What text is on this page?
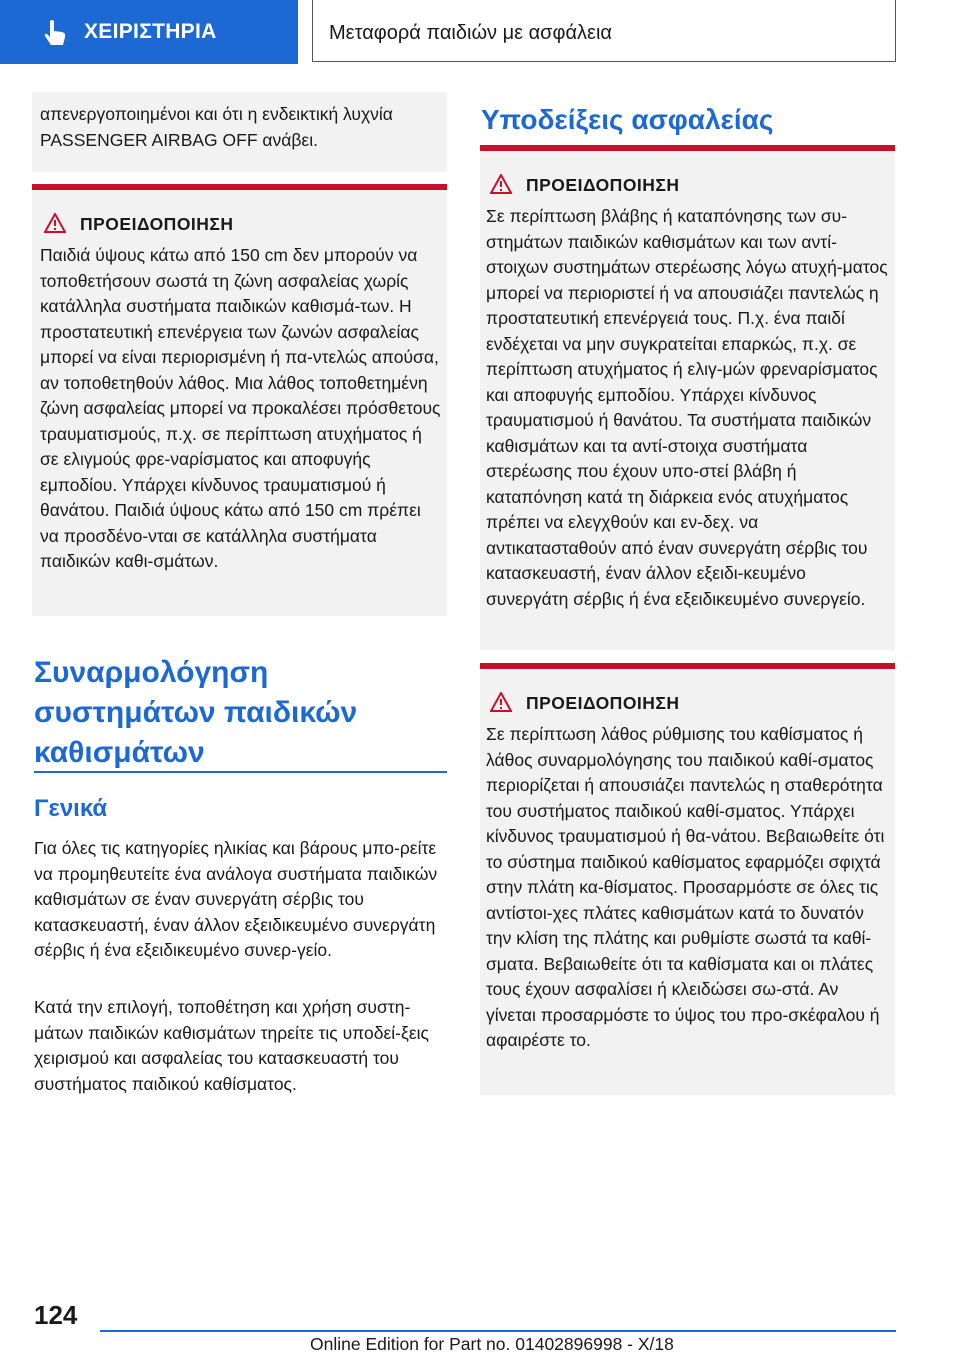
ΧΕΙΡΙΣΤΗΡΙΑ	Μεταφορά παιδιών με ασφάλεια
απενεργοποιημένοι και ότι η ενδεικτική λυχνία PASSENGER AIRBAG OFF ανάβει.
ΠΡΟΕΙΔΟΠΟΙΗΣΗ
Παιδιά ύψους κάτω από 150 cm δεν μπορούν να τοποθετήσουν σωστά τη ζώνη ασφαλείας χωρίς κατάλληλα συστήματα παιδικών καθισμά-των. Η προστατευτική επενέργεια των ζωνών ασφαλείας μπορεί να είναι περιορισμένη ή πα-ντελώς απούσα, αν τοποθετηθούν λάθος. Μια λάθος τοποθετημένη ζώνη ασφαλείας μπορεί να προκαλέσει πρόσθετους τραυματισμούς, π.χ. σε περίπτωση ατυχήματος ή σε ελιγμούς φρε-ναρίσματος και αποφυγής εμποδίου. Υπάρχει κίνδυνος τραυματισμού ή θανάτου. Παιδιά ύψους κάτω από 150 cm πρέπει να προσδένο-νται σε κατάλληλα συστήματα παιδικών καθι-σμάτων.
Συναρμολόγηση συστημάτων παιδικών καθισμάτων
Γενικά
Για όλες τις κατηγορίες ηλικίας και βάρους μπο-ρείτε να προμηθευτείτε ένα ανάλογα συστήματα παιδικών καθισμάτων σε έναν συνεργάτη σέρβις του κατασκευαστή, έναν άλλον εξειδικευμένο συνεργάτη σέρβις ή ένα εξειδικευμένο συνερ-γείο.
Κατά την επιλογή, τοποθέτηση και χρήση συστη-μάτων παιδικών καθισμάτων τηρείτε τις υποδεί-ξεις χειρισμού και ασφαλείας του κατασκευαστή του συστήματος παιδικού καθίσματος.
Υποδείξεις ασφαλείας
ΠΡΟΕΙΔΟΠΟΙΗΣΗ
Σε περίπτωση βλάβης ή καταπόνησης των συ-στημάτων παιδικών καθισμάτων και των αντί-στοιχων συστημάτων στερέωσης λόγω ατυχή-ματος μπορεί να περιοριστεί ή να απουσιάζει παντελώς η προστατευτική επενέργειά τους. Π.χ. ένα παιδί ενδέχεται να μην συγκρατείται επαρκώς, π.χ. σε περίπτωση ατυχήματος ή ελιγ-μών φρεναρίσματος και αποφυγής εμποδίου. Υπάρχει κίνδυνος τραυματισμού ή θανάτου. Τα συστήματα παιδικών καθισμάτων και τα αντί-στοιχα συστήματα στερέωσης που έχουν υπο-στεί βλάβη ή καταπόνηση κατά τη διάρκεια ενός ατυχήματος πρέπει να ελεγχθούν και εν-δεχ. να αντικατασταθούν από έναν συνεργάτη σέρβις του κατασκευαστή, έναν άλλον εξειδι-κευμένο συνεργάτη σέρβις ή ένα εξειδικευμένο συνεργείο.
ΠΡΟΕΙΔΟΠΟΙΗΣΗ
Σε περίπτωση λάθος ρύθμισης του καθίσματος ή λάθος συναρμολόγησης του παιδικού καθί-σματος περιορίζεται ή απουσιάζει παντελώς η σταθερότητα του συστήματος παιδικού καθί-σματος. Υπάρχει κίνδυνος τραυματισμού ή θα-νάτου. Βεβαιωθείτε ότι το σύστημα παιδικού καθίσματος εφαρμόζει σφιχτά στην πλάτη κα-θίσματος. Προσαρμόστε σε όλες τις αντίστοι-χες πλάτες καθισμάτων κατά το δυνατόν την κλίση της πλάτης και ρυθμίστε σωστά τα καθί-σματα. Βεβαιωθείτε ότι τα καθίσματα και οι πλάτες τους έχουν ασφαλίσει ή κλειδώσει σω-στά. Αν γίνεται προσαρμόστε το ύψος του προ-σκέφαλου ή αφαιρέστε το.
124
Online Edition for Part no. 01402896998 - X/18
